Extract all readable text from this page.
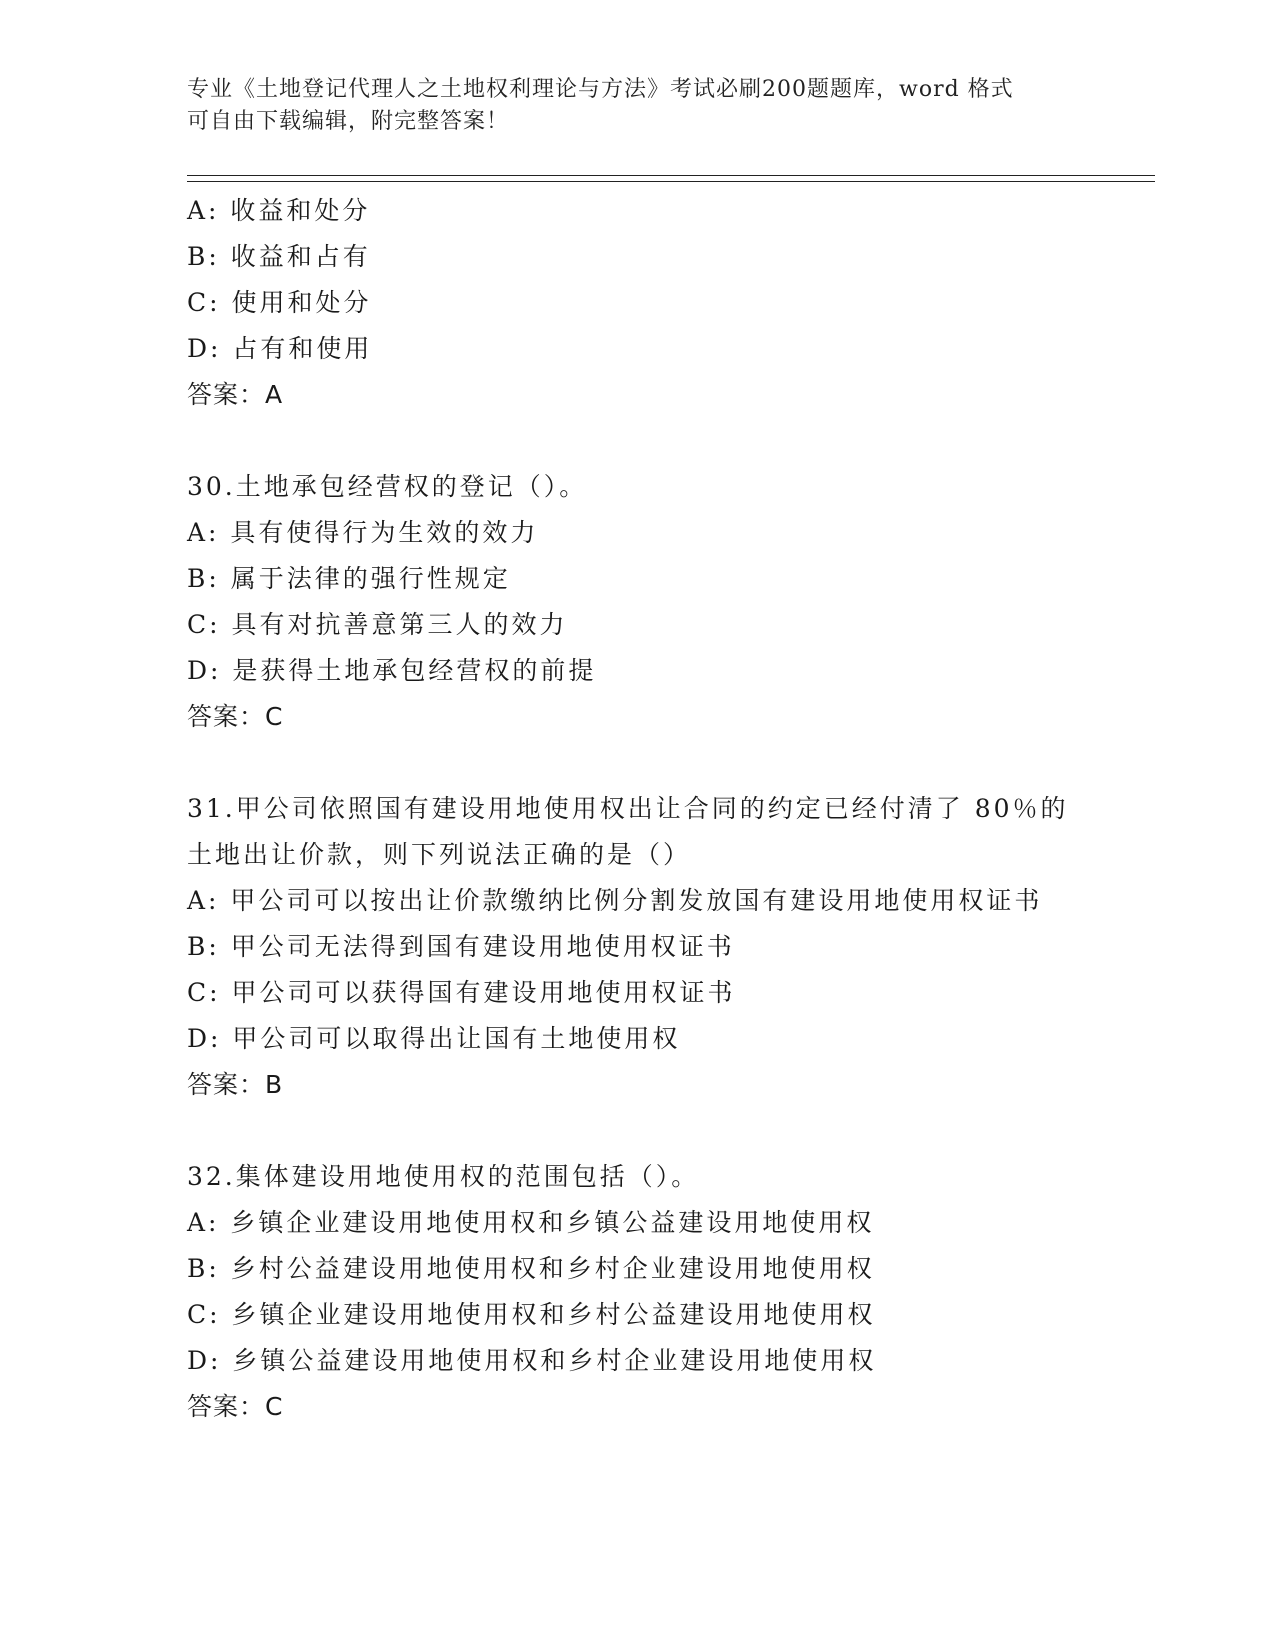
专业《土地登记代理人之土地权利理论与方法》考试必刷200题题库，word 格式
可自由下载编辑，附完整答案！
A: 收益和处分
B: 收益和占有
C: 使用和处分
D: 占有和使用
答案：A
30.土地承包经营权的登记（）。
A: 具有使得行为生效的效力
B: 属于法律的强行性规定
C: 具有对抗善意第三人的效力
D: 是获得土地承包经营权的前提
答案：C
31.甲公司依照国有建设用地使用权出让合同的约定已经付清了 80％的
土地出让价款，则下列说法正确的是（）
A: 甲公司可以按出让价款缴纳比例分割发放国有建设用地使用权证书
B: 甲公司无法得到国有建设用地使用权证书
C: 甲公司可以获得国有建设用地使用权证书
D: 甲公司可以取得出让国有土地使用权
答案：B
32.集体建设用地使用权的范围包括（）。
A: 乡镇企业建设用地使用权和乡镇公益建设用地使用权
B: 乡村公益建设用地使用权和乡村企业建设用地使用权
C: 乡镇企业建设用地使用权和乡村公益建设用地使用权
D: 乡镇公益建设用地使用权和乡村企业建设用地使用权
答案：C
